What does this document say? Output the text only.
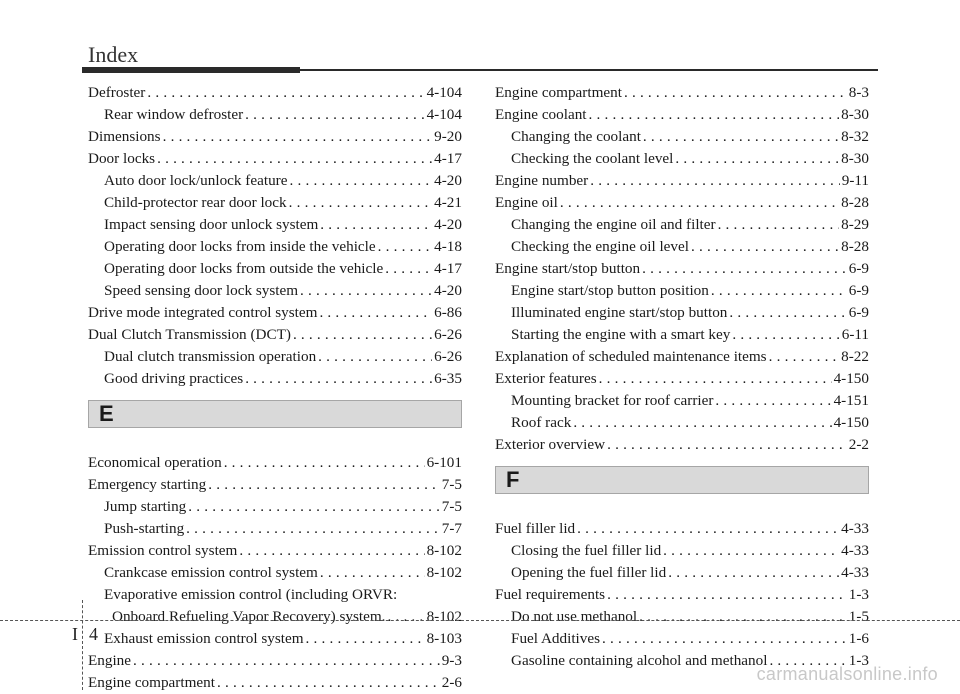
Index
Defroster . . .	4-104
Rear window defroster . . .	4-104
Dimensions . . .	9-20
Door locks . . .	4-17
Auto door lock/unlock feature . . .	4-20
Child-protector rear door lock . . .	4-21
Impact sensing door unlock system . . .	4-20
Operating door locks from inside the vehicle . . .	4-18
Operating door locks from outside the vehicle . . .	4-17
Speed sensing door lock system . . .	4-20
Drive mode integrated control system . . .	6-86
Dual Clutch Transmission (DCT) . . .	6-26
Dual clutch transmission operation . . .	6-26
Good driving practices . . .	6-35
E
Economical operation . . .	6-101
Emergency starting . . .	7-5
Jump starting . . .	7-5
Push-starting . . .	7-7
Emission control system . . .	8-102
Crankcase emission control system . . .	8-102
Evaporative emission control (including ORVR:
Onboard Refueling Vapor Recovery) system. . . .	8-102
Exhaust emission control system . . .	8-103
Engine . . .	9-3
Engine compartment . . .	2-6
Engine compartment . . .	8-3
Engine coolant . . .	8-30
Changing the coolant . . .	8-32
Checking the coolant level . . .	8-30
Engine number . . .	9-11
Engine oil . . .	8-28
Changing the engine oil and filter . . .	8-29
Checking the engine oil level . . .	8-28
Engine start/stop button . . .	6-9
Engine start/stop button position . . .	6-9
Illuminated engine start/stop button . . .	6-9
Starting the engine with a smart key . . .	6-11
Explanation of scheduled maintenance items . . .	8-22
Exterior features . . .	4-150
Mounting bracket for roof carrier . . .	4-151
Roof rack . . .	4-150
Exterior overview . . .	2-2
F
Fuel filler lid . . .	4-33
Closing the fuel filler lid . . .	4-33
Opening the fuel filler lid . . .	4-33
Fuel requirements . . .	1-3
Do not use methanol . . .	1-5
Fuel Additives . . .	1-6
Gasoline containing alcohol and methanol . . .	1-3
I 4
carmanualsonline.info
